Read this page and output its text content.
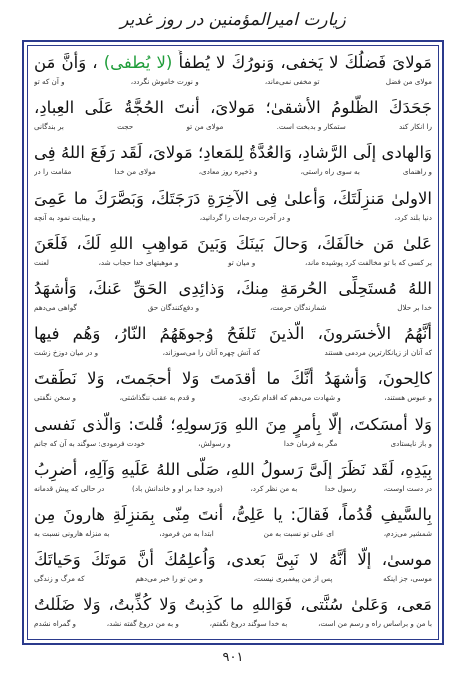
زیارت امیرالمؤمنین در روز غدیر
مَولایَ فَضلُكَ لا يَخفى، وَنورُكَ لا يُطفأُ (لا يُطفى) ، وَأنَّ مَن
مولای من فضل
تو مخفی نمی‌ماند،
و نورت خاموش نگردد،
و آن که تو
جَحَدَكَ الظَّلومُ الأشقىٰ؛ مَولاىَ، أنتَ الحُجَّةُ عَلَى العِبادِ،
را انکار کند
ستمکار و بدبخت است.
مولای من تو
حجت
بر بندگانی
وَالهادى إلَى الرَّشادِ، وَالعُدَّةُ لِلمَعادِ؛ مَولاىَ، لَقَد رَفَعَ اللهُ فِى
و راهنمای
به سوی راه راستی،
و ذخیره روز معادی،
مولای من خدا
مقامت را در
الاولىٰ مَنزِلَتَكَ، وَأعلىٰ فِى الآخِرَةِ دَرَجَتَكَ، وَبَصَّرَكَ ما عَمِىَ
دنیا بلند کرد،
و در آخرت درجه‌ات را گردانید،
و بینایت نمود به آنچه
عَلىٰ مَن خالَفَكَ، وَحالَ بَينَكَ وَبَينَ مَواهِبِ اللهِ لَكَ، فَلَعَنَ
بر کسی که با تو مخالفت کرد پوشیده ماند،
و میان تو
و موهبتهای خدا حجاب شد،
لعنت
اللهُ مُستَحِلِّى الحُرمَةِ مِنكَ، وَذائِدِى الحَقِّ عَنكَ، وَأشهَدُ
خدا بر حلال
شمارندگان حرمت،
و دفع‌کنندگان حق
گواهی می‌دهم
أنَّهُمُ الأخسَرونَ، الَّذينَ تَلفَحُ وُجوهَهُمُ النّارُ، وَهُم فيها
که آنان از زیانکارترین مردمی هستند
که آتش چهره آنان را می‌سوزاند،
و در میان دوزخ زشت
كالِحونَ، وَأشهَدُ أنَّكَ ما أقدَمتَ وَلا أحجَمتَ، وَلا نَطَقتَ
و عبوس هستند،
و شهادت می‌دهم که اقدام نکردی،
و قدم به عقب ننگذاشتی،
و سخن نگفتی
وَلا أمسَكتَ، إلّا بِأمرٍ مِنَ اللهِ وَرَسولِهِ؛ قُلتَ: وَالَّذى نَفسى
و باز نایستادی
مگر به فرمان خدا
و رسولش،
خودت فرمودی: سوگند به آن که جانم
بِيَدِهِ، لَقَد نَظَرَ إلَىَّ رَسولُ اللهِ، صَلَّى اللهُ عَلَيهِ وَآلِهِ، أضرِبُ
در دست اوست،
رسول خدا
به من نظر کرد،
(درود خدا بر او و خاندانش باد)
در حالی که پیش قدمانه
بِالسَّيفِ قُدُماً، فَقالَ: يا عَلِىُّ، أنتَ مِنّى بِمَنزِلَةِ هارونَ مِن
شمشیر می‌زدم،
ای علی تو نسبت به من
ابتدا به من فرمود،
به منزله هارونی نسبت به
موسىٰ، إلّا أنَّهُ لا نَبِىَّ بَعدى، وَاُعلِمُكَ أنَّ مَوتَكَ وَحَياتَكَ
موسی، جز اینکه
پس از من پیغمبری نیست،
و من تو را خبر می‌دهم
که مرگ و زندگی
مَعى، وَعَلىٰ سُنَّتى، فَوَاللهِ ما كَذِبتُ وَلا كُذِّبتُ، وَلا ضَلَلتُ
با من و براساس راه و رسم من است،
به خدا سوگند دروغ نگفتم،
و به من دروغ گفته نشد،
و گمراه نشدم
۹۰۱
